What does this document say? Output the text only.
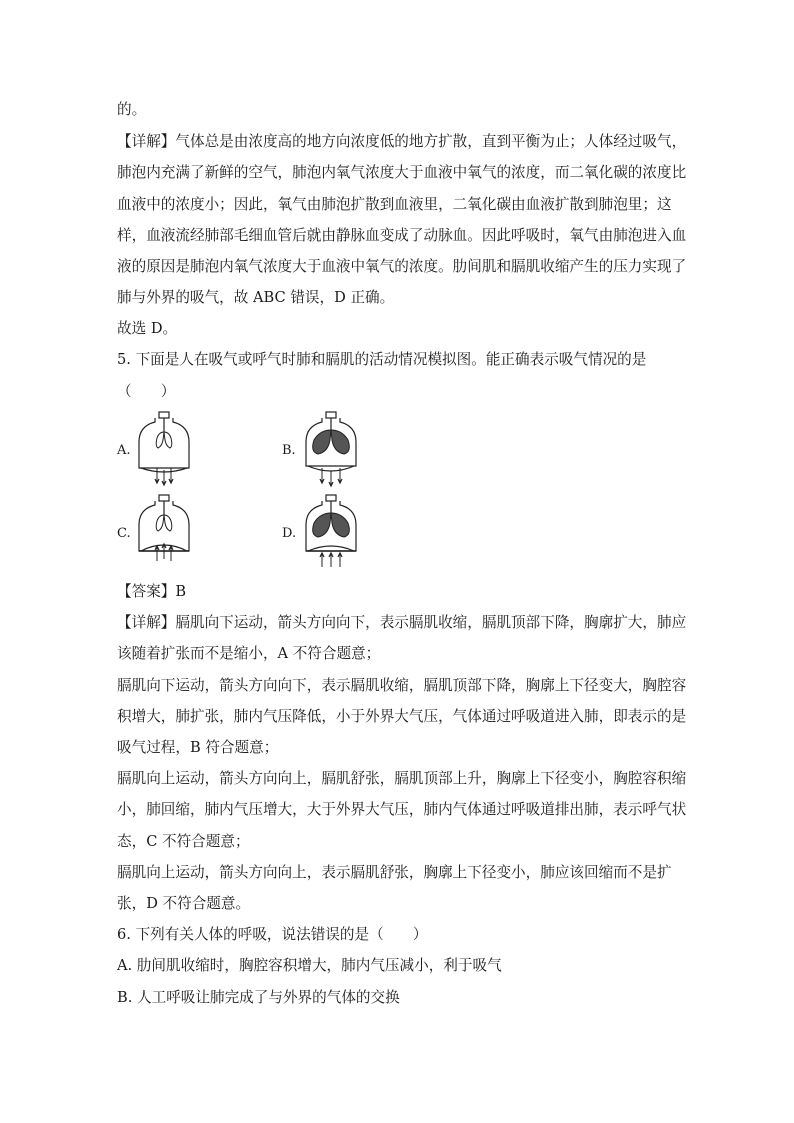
的。
【详解】气体总是由浓度高的地方向浓度低的地方扩散，直到平衡为止；人体经过吸气，
肺泡内充满了新鲜的空气，肺泡内氧气浓度大于血液中氧气的浓度，而二氧化碳的浓度比
血液中的浓度小；因此，氧气由肺泡扩散到血液里，二氧化碳由血液扩散到肺泡里；这
样，血液流经肺部毛细血管后就由静脉血变成了动脉血。因此呼吸时，氧气由肺泡进入血
液的原因是肺泡内氧气浓度大于血液中氧气的浓度。肋间肌和膈肌收缩产生的压力实现了
肺与外界的吸气，故 ABC 错误，D 正确。
故选 D。
5. 下面是人在吸气或呼气时肺和膈肌的活动情况模拟图。能正确表示吸气情况的是
（　　）
A.	B.
C.	D.
【答案】B
【详解】膈肌向下运动，箭头方向向下，表示膈肌收缩，膈肌顶部下降，胸廓扩大，肺应
该随着扩张而不是缩小，A 不符合题意；
膈肌向下运动，箭头方向向下，表示膈肌收缩，膈肌顶部下降，胸廓上下径变大，胸腔容
积增大，肺扩张，肺内气压降低，小于外界大气压，气体通过呼吸道进入肺，即表示的是
吸气过程，B 符合题意；
膈肌向上运动，箭头方向向上，膈肌舒张，膈肌顶部上升，胸廓上下径变小，胸腔容积缩
小，肺回缩，肺内气压增大，大于外界大气压，肺内气体通过呼吸道排出肺，表示呼气状
态，C 不符合题意；
膈肌向上运动，箭头方向向上，表示膈肌舒张，胸廓上下径变小，肺应该回缩而不是扩
张，D 不符合题意。
6. 下列有关人体的呼吸，说法错误的是（　　）
A. 肋间肌收缩时，胸腔容积增大，肺内气压减小，利于吸气
B. 人工呼吸让肺完成了与外界的气体的交换
